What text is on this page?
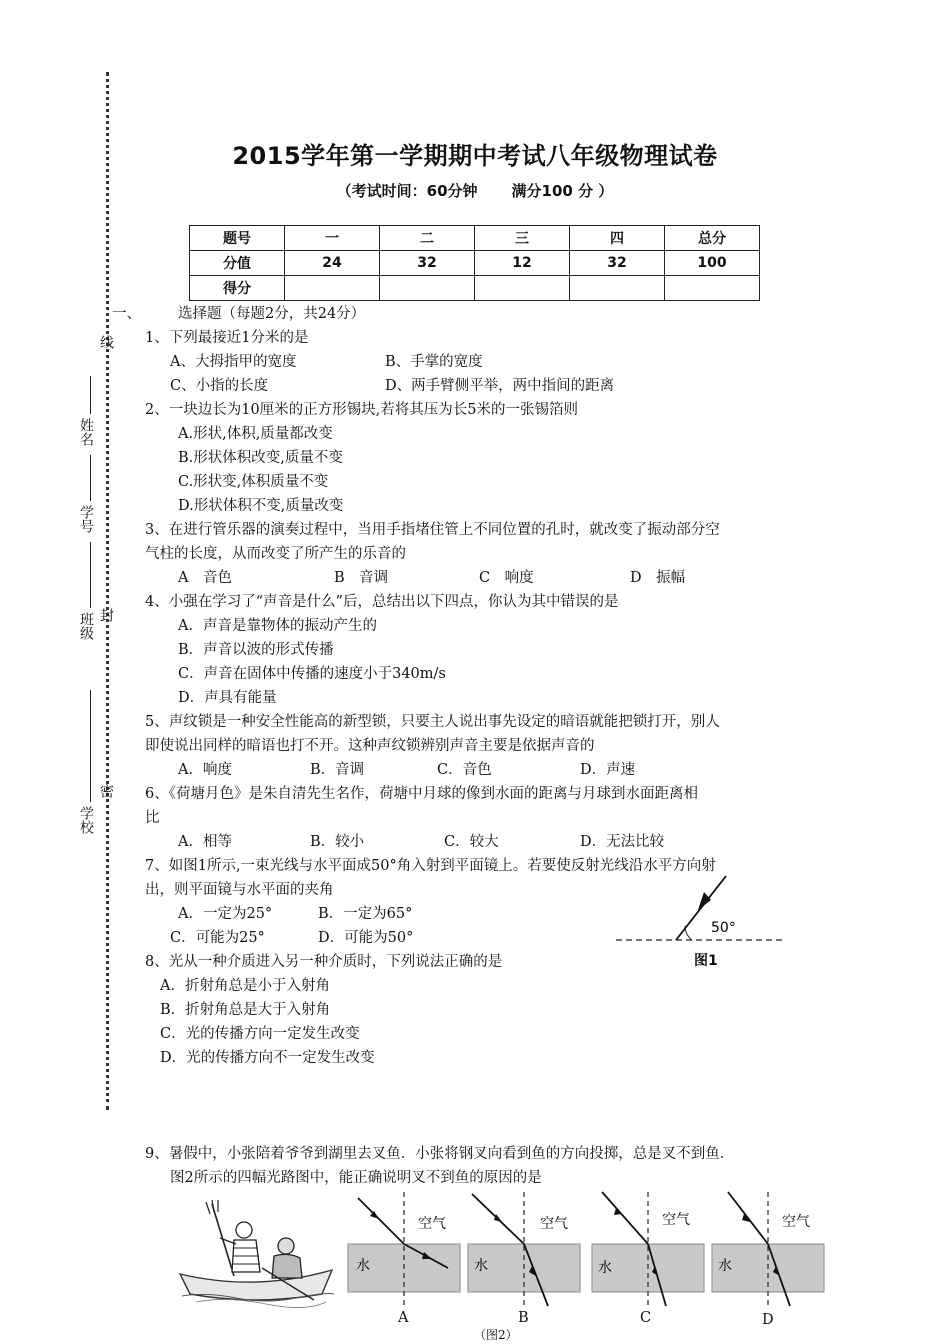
线
封
密
姓名
学号
班级
学校
2015学年第一学期期中考试八年级物理试卷
（考试时间：60分钟 满分100 分 ）
题号	一	二	三	四	总分
分值	24	32	12	32	100
得分					
一、	选择题（每题2分，共24分）
1、下列最接近1分米的是
A、大拇指甲的宽度	B、手掌的宽度
C、小指的长度	D、两手臂侧平举，两中指间的距离
2、一块边长为10厘米的正方形锡块,若将其压为长5米的一张锡箔则
A.形状,体积,质量都改变
B.形状体积改变,质量不变
C.形状变,体积质量不变
D.形状体积不变,质量改变
3、在进行管乐器的演奏过程中，当用手指堵住管上不同位置的孔时，就改变了振动部分空
气柱的长度，从而改变了所产生的乐音的
A　音色	B　音调	C　响度	D　振幅
4、小强在学习了“声音是什么”后，总结出以下四点，你认为其中错误的是
A．声音是靠物体的振动产生的
B．声音以波的形式传播
C．声音在固体中传播的速度小于340m/s
D．声具有能量
5、声纹锁是一种安全性能高的新型锁，只要主人说出事先设定的暗语就能把锁打开，别人
即使说出同样的暗语也打不开。这种声纹锁辨别声音主要是依据声音的
A．响度	B．音调	C．音色	D．声速
6、《荷塘月色》是朱自清先生名作，荷塘中月球的像到水面的距离与月球到水面距离相
比
A．相等	B．较小	C．较大	D．无法比较
7、如图1所示,一束光线与水平面成50°角入射到平面镜上。若要使反射光线沿水平方向射
出，则平面镜与水平面的夹角
A．一定为25°	B．一定为65°
C．可能为25°	D．可能为50°
50°
图1
8、光从一种介质进入另一种介质时，下列说法正确的是
A．折射角总是小于入射角
B．折射角总是大于入射角
C．光的传播方向一定发生改变
D．光的传播方向不一定发生改变
9、暑假中，小张陪着爷爷到湖里去叉鱼．小张将钢叉向看到鱼的方向投掷，总是叉不到鱼．
图2所示的四幅光路图中，能正确说明叉不到鱼的原因的是
空气
水
空气
水
空气
水
空气
水
A	B	C	D
（图2）
